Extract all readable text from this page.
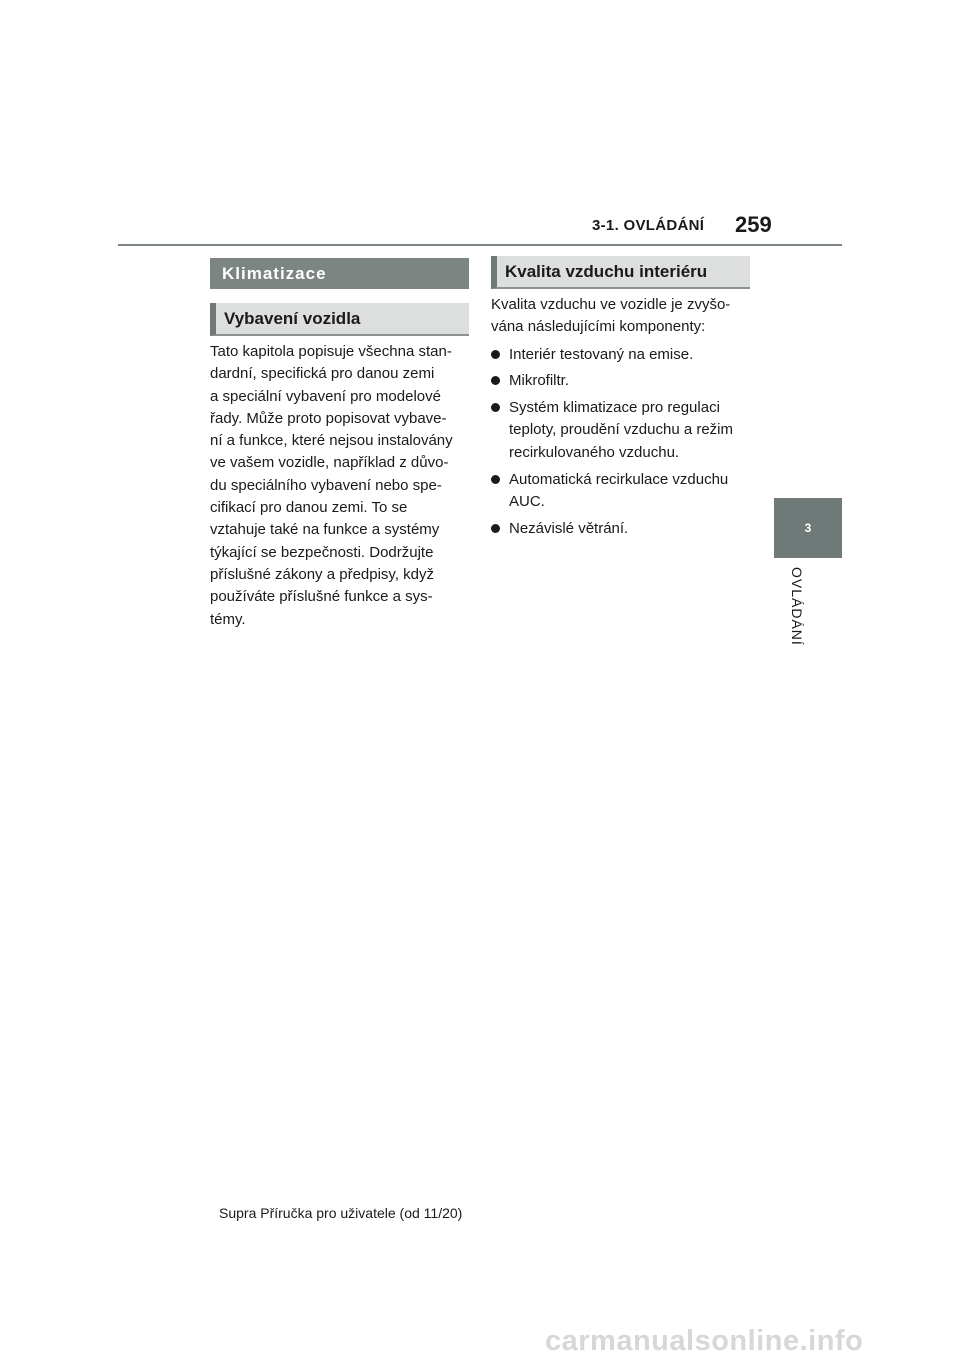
3-1. OVLÁDÁNÍ 259
3
OVLÁDÁNÍ
Klimatizace
Vybavení vozidla

Tato kapitola popisuje všechna stan-
dardní, specifická pro danou zemi
a speciální vybavení pro modelové
řady. Může proto popisovat vybave-
ní a funkce, které nejsou instalovány
ve vašem vozidle, například z důvo-
du speciálního vybavení nebo spe-
cifikací pro danou zemi. To se
vztahuje také na funkce a systémy
týkající se bezpečnosti. Dodržujte
příslušné zákony a předpisy, když
používáte příslušné funkce a sys-
témy.

Kvalita vzduchu interiéru

Kvalita vzduchu ve vozidle je zvyšo-
vána následujícími komponenty:

Interiér testovaný na emise.
Mikrofiltr.
Systém klimatizace pro regulaci
teploty, proudění vzduchu a režim
recirkulovaného vzduchu.
Automatická recirkulace vzduchu
AUC.
Nezávislé větrání.
Supra Příručka pro uživatele (od 11/20)
carmanualsonline.info
